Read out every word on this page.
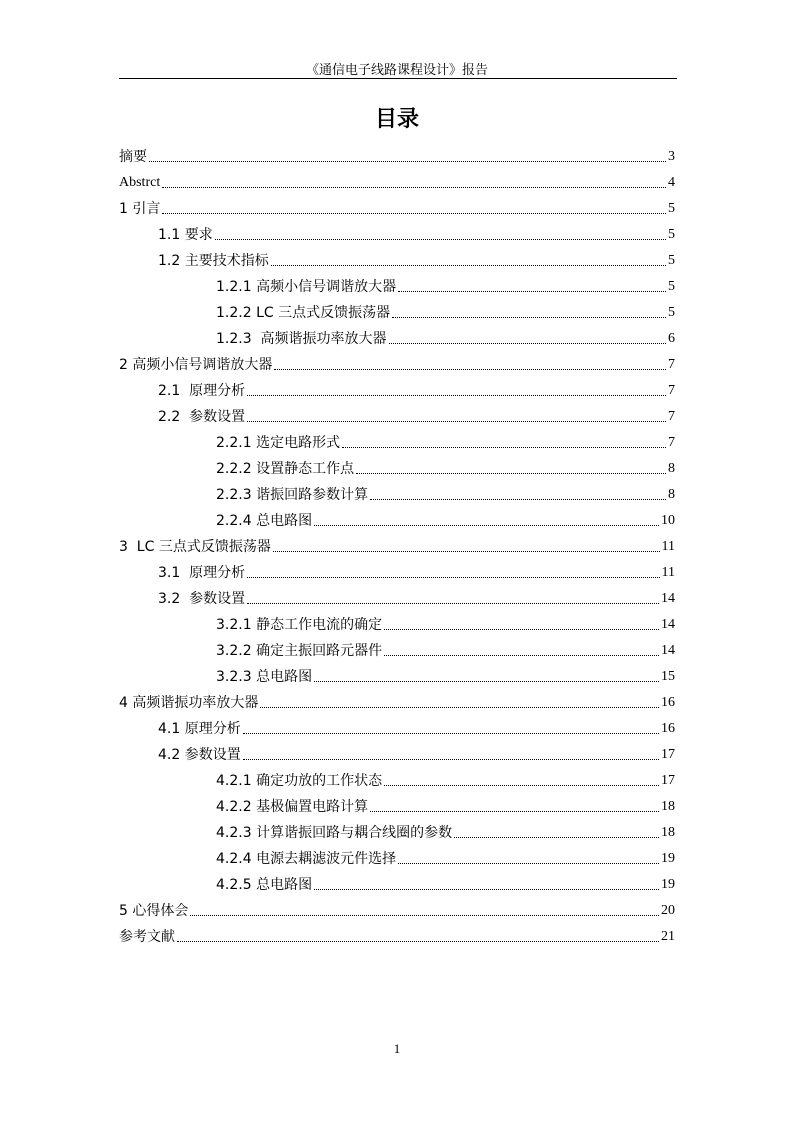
《通信电子线路课程设计》报告
目录
摘要	3
Abstrct	4
1 引言	5
1.1 要求	5
1.2 主要技术指标	5
1.2.1 高频小信号调谐放大器	5
1.2.2 LC 三点式反馈振荡器	5
1.2.3  高频谐振功率放大器	6
2 高频小信号调谐放大器	7
2.1  原理分析	7
2.2  参数设置	7
2.2.1 选定电路形式	7
2.2.2 设置静态工作点	8
2.2.3 谐振回路参数计算	8
2.2.4 总电路图	10
3  LC 三点式反馈振荡器	11
3.1  原理分析	11
3.2  参数设置	14
3.2.1 静态工作电流的确定	14
3.2.2 确定主振回路元器件	14
3.2.3 总电路图	15
4 高频谐振功率放大器	16
4.1 原理分析	16
4.2 参数设置	17
4.2.1 确定功放的工作状态	17
4.2.2 基极偏置电路计算	18
4.2.3 计算谐振回路与耦合线圈的参数	18
4.2.4 电源去耦滤波元件选择	19
4.2.5 总电路图	19
5 心得体会	20
参考文献	21
1
